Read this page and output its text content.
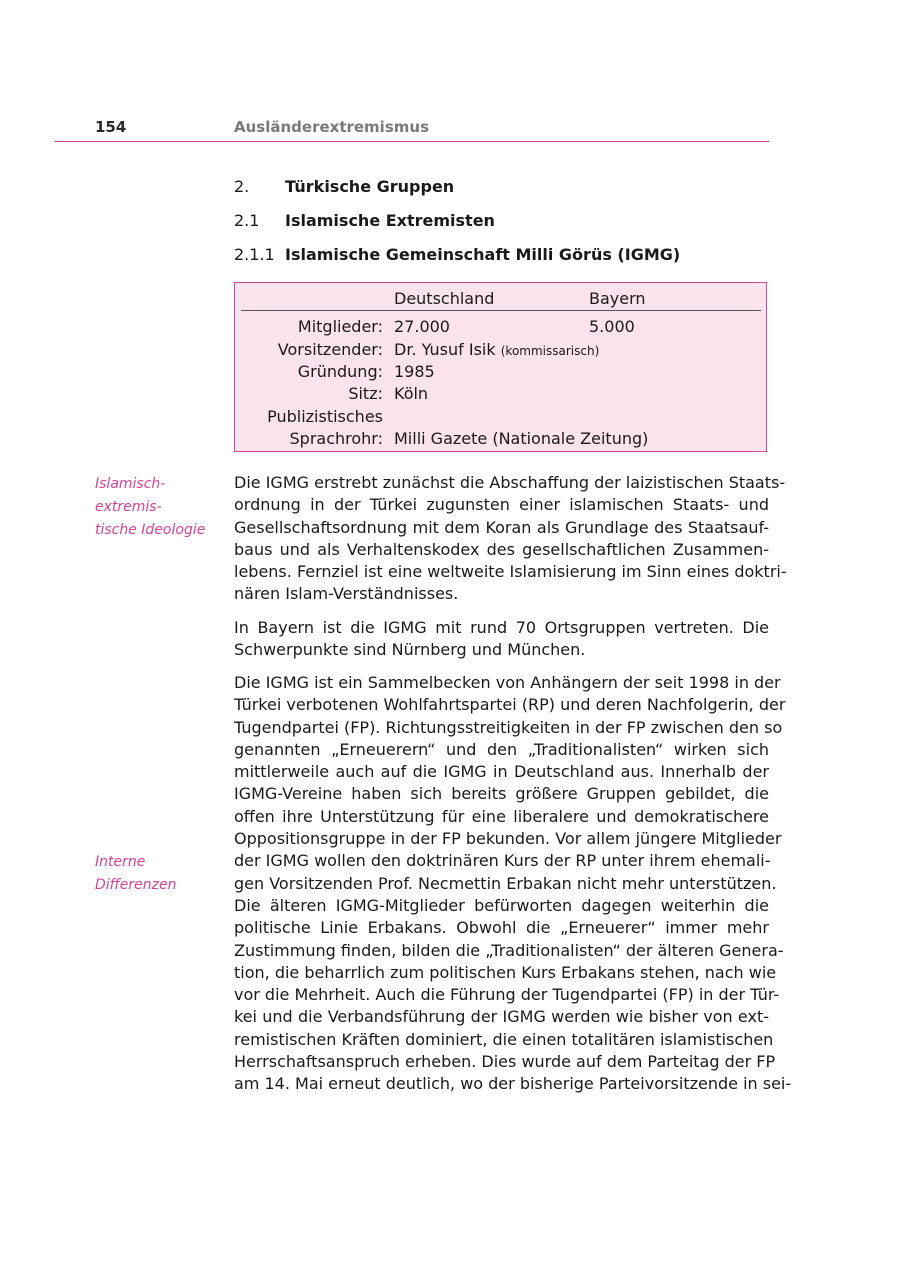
154	Ausländerextremismus
2. Türkische Gruppen
2.1 Islamische Extremisten
2.1.1 Islamische Gemeinschaft Milli Görüs (IGMG)
Deutschland	Bayern
Mitglieder: 27.000	5.000
Vorsitzender: Dr. Yusuf Isik (kommissarisch)
Gründung: 1985
Sitz: Köln
Publizistisches
Sprachrohr: Milli Gazete (Nationale Zeitung)
Islamisch-extremis-
tische Ideologie
Interne
Differenzen
Die IGMG erstrebt zunächst die Abschaffung der laizistischen Staats-
ordnung in der Türkei zugunsten einer islamischen Staats- und
Gesellschaftsordnung mit dem Koran als Grundlage des Staatsauf-
baus und als Verhaltenskodex des gesellschaftlichen Zusammen-
lebens. Fernziel ist eine weltweite Islamisierung im Sinn eines doktri-
nären Islam-Verständnisses.
In Bayern ist die IGMG mit rund 70 Ortsgruppen vertreten. Die
Schwerpunkte sind Nürnberg und München.
Die IGMG ist ein Sammelbecken von Anhängern der seit 1998 in der
Türkei verbotenen Wohlfahrtspartei (RP) und deren Nachfolgerin, der
Tugendpartei (FP). Richtungsstreitigkeiten in der FP zwischen den so
genannten „Erneuerern“ und den „Traditionalisten“ wirken sich
mittlerweile auch auf die IGMG in Deutschland aus. Innerhalb der
IGMG-Vereine haben sich bereits größere Gruppen gebildet, die
offen ihre Unterstützung für eine liberalere und demokratischere
Oppositionsgruppe in der FP bekunden. Vor allem jüngere Mitglieder
der IGMG wollen den doktrinären Kurs der RP unter ihrem ehemali-
gen Vorsitzenden Prof. Necmettin Erbakan nicht mehr unterstützen.
Die älteren IGMG-Mitglieder befürworten dagegen weiterhin die
politische Linie Erbakans. Obwohl die „Erneuerer“ immer mehr
Zustimmung finden, bilden die „Traditionalisten“ der älteren Genera-
tion, die beharrlich zum politischen Kurs Erbakans stehen, nach wie
vor die Mehrheit. Auch die Führung der Tugendpartei (FP) in der Tür-
kei und die Verbandsführung der IGMG werden wie bisher von ext-
remistischen Kräften dominiert, die einen totalitären islamistischen
Herrschaftsanspruch erheben. Dies wurde auf dem Parteitag der FP
am 14. Mai erneut deutlich, wo der bisherige Parteivorsitzende in sei-
